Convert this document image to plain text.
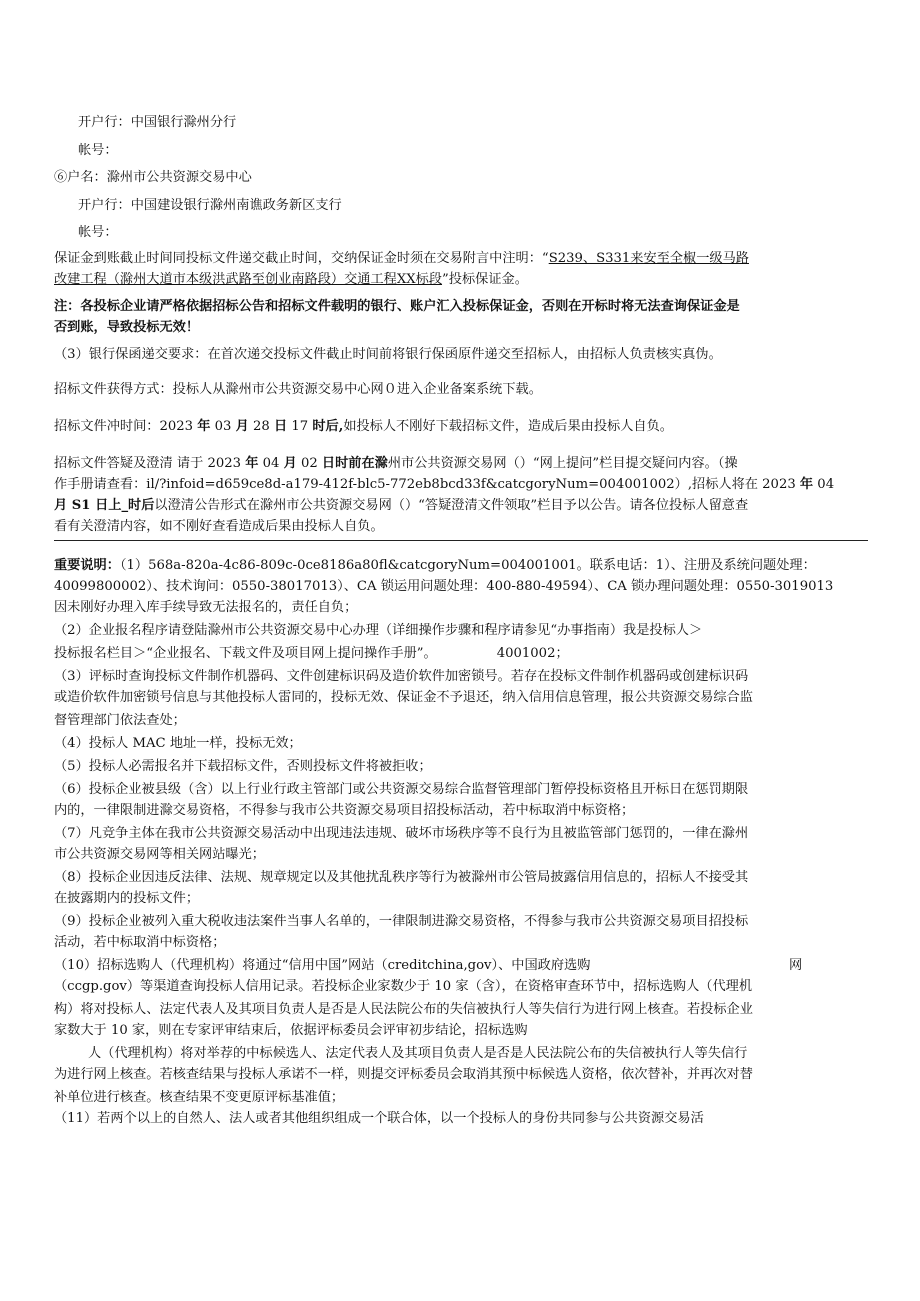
开户行：中国银行滁州分行
帐号：
⑥户名：滁州市公共资源交易中心
开户行：中国建设银行滁州南谯政务新区支行
帐号：
保证金到账截止时间同投标文件递交截止时间，交纳保证金时须在交易附言中注明：“S239、S331来安至全椒一级马路
改建工程（滁州大道市本级洪武路至创业南路段）交通工程XX标段”投标保证金。
注：各投标企业请严格依据招标公告和招标文件载明的银行、账户汇入投标保证金，否则在开标时将无法查询保证金是
否到账，导致投标无效！
（3）银行保函递交要求：在首次递交投标文件截止时间前将银行保函原件递交至招标人，由招标人负责核实真伪。
招标文件获得方式：投标人从滁州市公共资源交易中心网０进入企业备案系统下载。
招标文件冲时间：2023 年 03 月 28 日 17 时后,如投标人不刚好下载招标文件，造成后果由投标人自负。
招标文件答疑及澄清 请于 2023 年 04 月 02 日时前在滁州市公共资源交易网（）“网上提问”栏目提交疑问内容。（操
作手册请查看：il/?infoid=d659ce8d-a179-412f-blc5-772eb8bcd33f&catcgoryNum=004001002）,招标人将在 2023 年 04
月 S1 日上_时后以澄清公告形式在滁州市公共资源交易网（）“答疑澄清文件领取”栏目予以公告。请各位投标人留意查
看有关澄清内容，如不刚好查看造成后果由投标人自负。
重要说明：（1）568a-820a-4c86-809c-0ce8186a80fl&catcgoryNum=004001001。联系电话：1）、注册及系统问题处理：
40099800002）、技术询问：0550-38017013）、CA 锁运用问题处理：400-880-49594）、CA 锁办理问题处理：0550-3019013
因未刚好办理入库手续导致无法报名的，责任自负；
（2）企业报名程序请登陆滁州市公共资源交易中心办理（详细操作步骤和程序请参见“办事指南）我是投标人＞
投标报名栏目＞“企业报名、下载文件及项目网上提问操作手册”。	4001002；
（3）评标时查询投标文件制作机器码、文件创建标识码及造价软件加密锁号。若存在投标文件制作机器码或创建标识码
或造价软件加密锁号信息与其他投标人雷同的，投标无效、保证金不予退还，纳入信用信息管理，报公共资源交易综合监
督管理部门依法查处；
（4）投标人 MAC 地址一样，投标无效；
（5）投标人必需报名并下载招标文件，否则投标文件将被拒收；
（6）投标企业被县级（含）以上行业行政主管部门或公共资源交易综合监督管理部门暂停投标资格且开标日在惩罚期限
内的，一律限制进滁交易资格，不得参与我市公共资源交易项目招投标活动，若中标取消中标资格；
（7）凡竞争主体在我市公共资源交易活动中出现违法违规、破坏市场秩序等不良行为且被监管部门惩罚的，一律在滁州
市公共资源交易网等相关网站曝光；
（8）投标企业因违反法律、法规、规章规定以及其他扰乱秩序等行为被滁州市公管局披露信用信息的，招标人不接受其
在披露期内的投标文件；
（9）投标企业被列入重大税收违法案件当事人名单的，一律限制进滁交易资格，不得参与我市公共资源交易项目招投标
活动，若中标取消中标资格；
（10）招标选购人（代理机构）将通过“信用中国”网站（creditchina,gov）、中国政府选购	网
（ccgp.gov）等渠道查询投标人信用记录。若投标企业家数少于 10 家（含），在资格审查环节中，招标选购人（代理机
构）将对投标人、法定代表人及其项目负责人是否是人民法院公布的失信被执行人等失信行为进行网上核查。若投标企业
家数大于 10 家，则在专家评审结束后，依据评标委员会评审初步结论，招标选购
人（代理机构）将对举荐的中标候选人、法定代表人及其项目负责人是否是人民法院公布的失信被执行人等失信行
为进行网上核查。若核查结果与投标人承诺不一样，则提交评标委员会取消其预中标候选人资格，依次替补，并再次对替
补单位进行核查。核查结果不变更原评标基准值；
（11）若两个以上的自然人、法人或者其他组织组成一个联合体，以一个投标人的身份共同参与公共资源交易活
